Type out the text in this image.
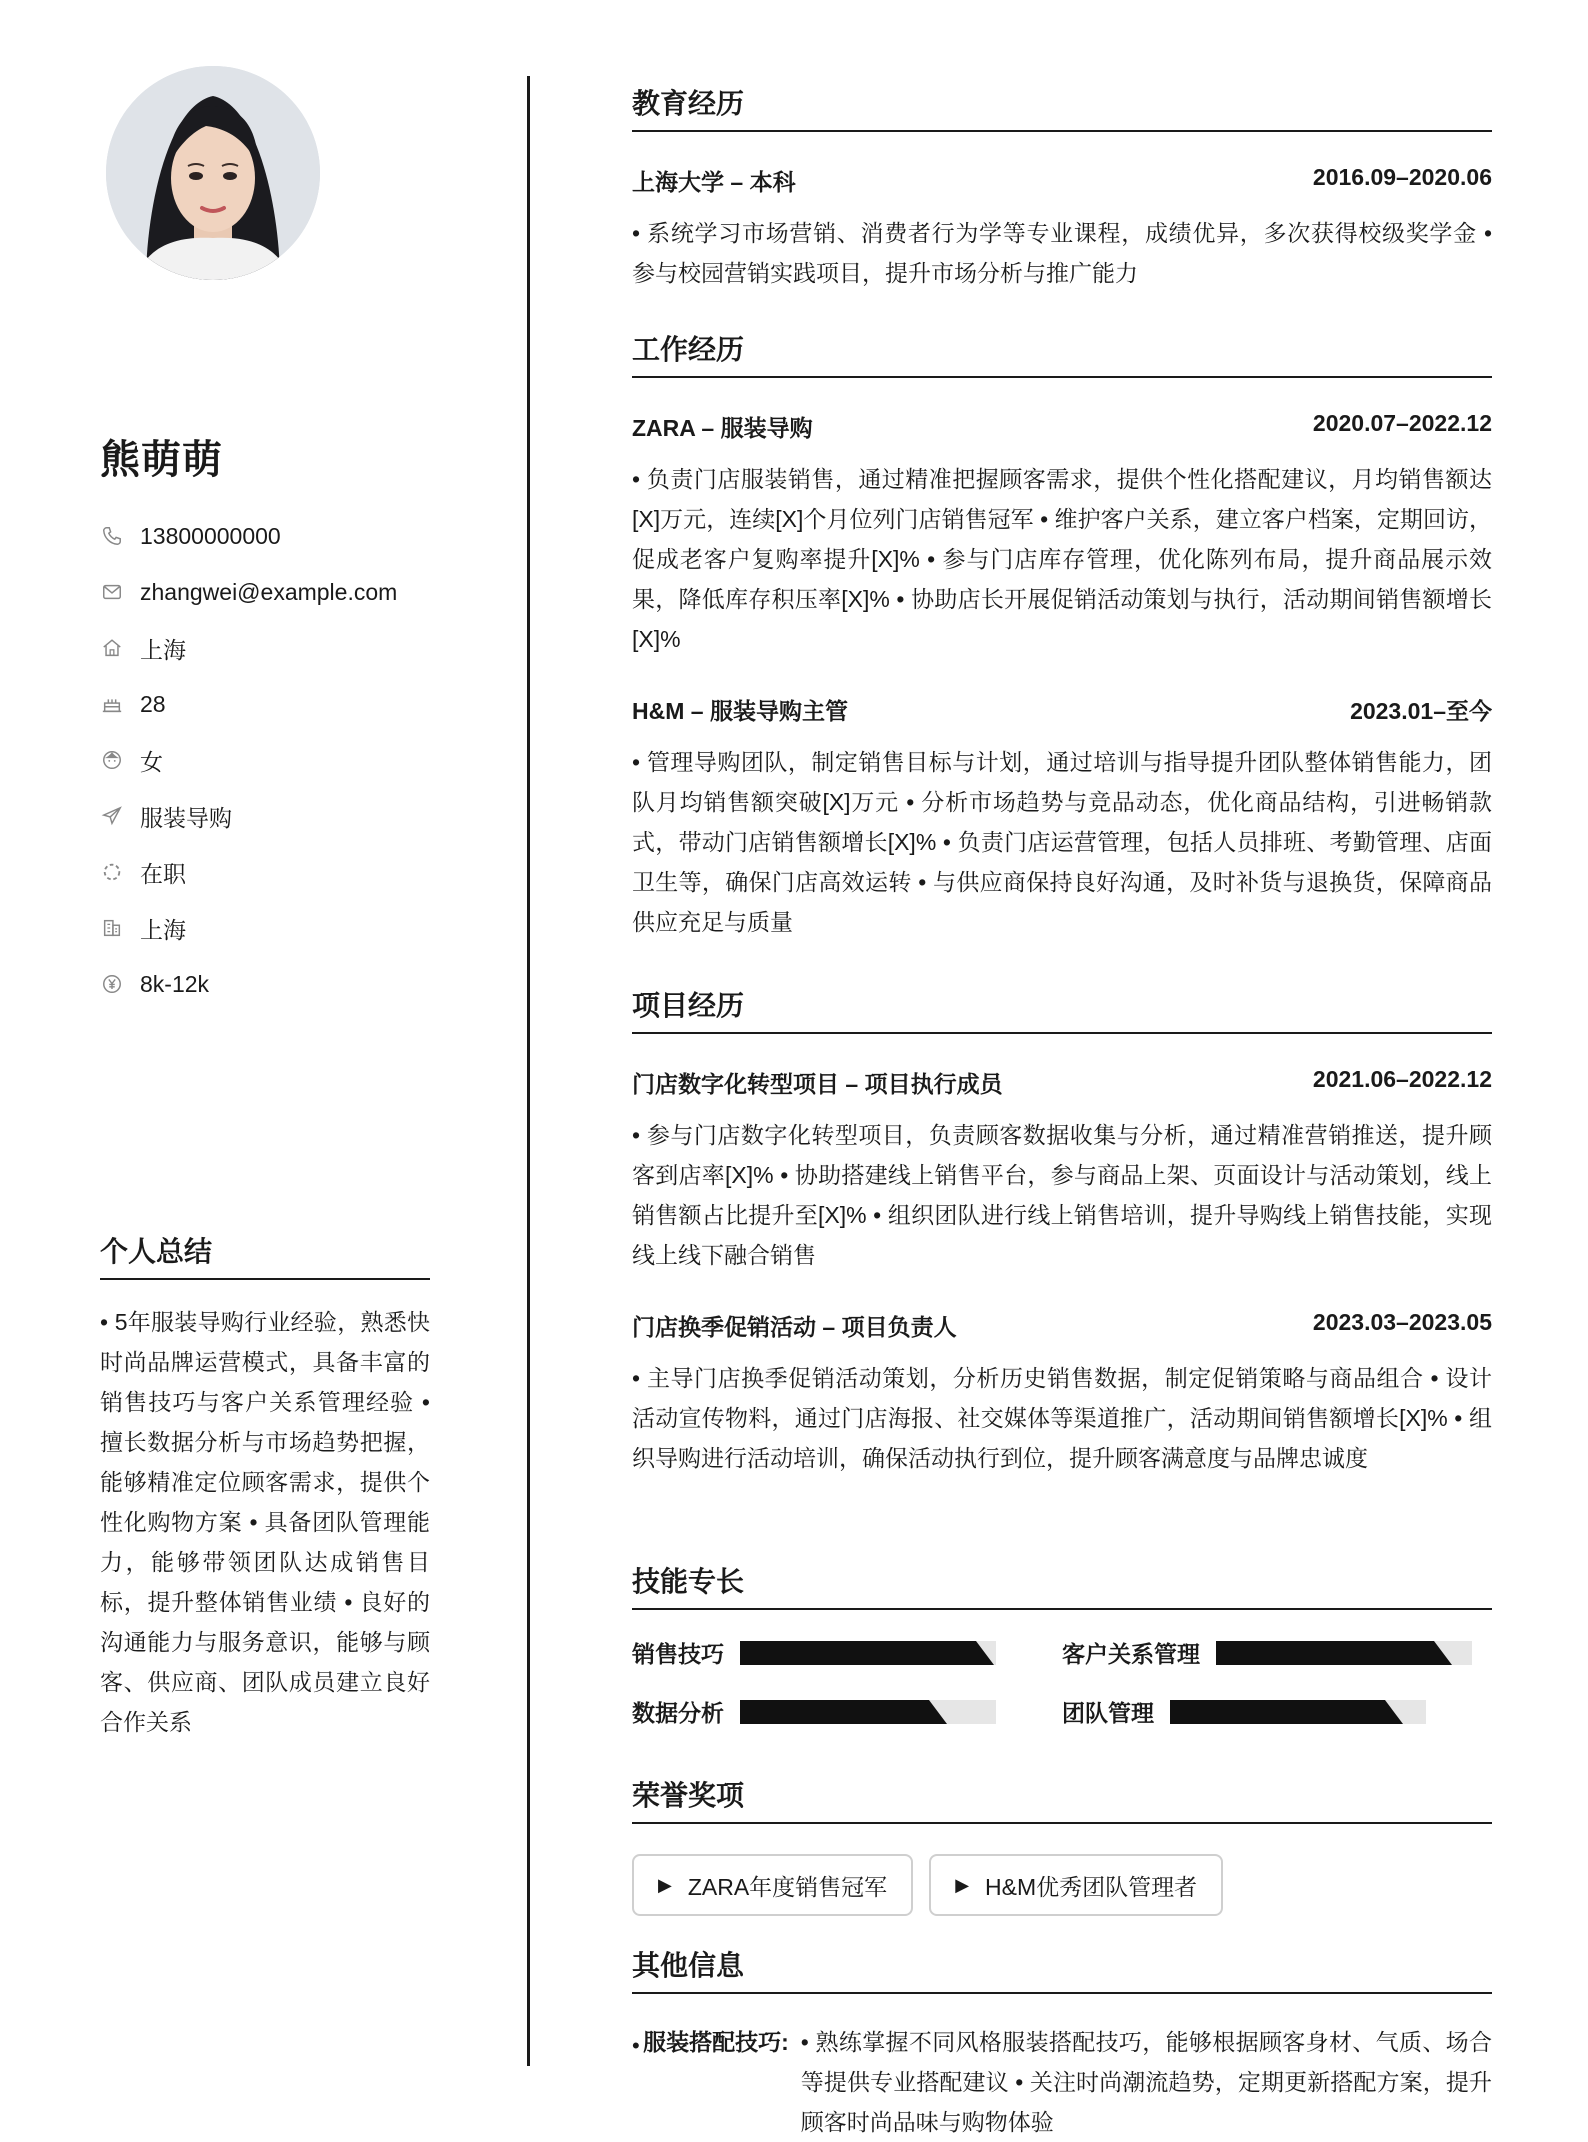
熊萌萌
13800000000
zhangwei@example.com
上海
28
女
服装导购
在职
上海
8k-12k
个人总结
• 5年服装导购行业经验，熟悉快时尚品牌运营模式，具备丰富的销售技巧与客户关系管理经验 • 擅长数据分析与市场趋势把握，能够精准定位顾客需求，提供个性化购物方案 • 具备团队管理能力，能够带领团队达成销售目标，提升整体销售业绩 • 良好的沟通能力与服务意识，能够与顾客、供应商、团队成员建立良好合作关系
教育经历
上海大学 – 本科	2016.09–2020.06
• 系统学习市场营销、消费者行为学等专业课程，成绩优异，多次获得校级奖学金 • 参与校园营销实践项目，提升市场分析与推广能力
工作经历
ZARA – 服装导购	2020.07–2022.12
• 负责门店服装销售，通过精准把握顾客需求，提供个性化搭配建议，月均销售额达[X]万元，连续[X]个月位列门店销售冠军 • 维护客户关系，建立客户档案，定期回访，促成老客户复购率提升[X]% • 参与门店库存管理，优化陈列布局，提升商品展示效果，降低库存积压率[X]% • 协助店长开展促销活动策划与执行，活动期间销售额增长[X]%
H&M – 服装导购主管	2023.01–至今
• 管理导购团队，制定销售目标与计划，通过培训与指导提升团队整体销售能力，团队月均销售额突破[X]万元 • 分析市场趋势与竞品动态，优化商品结构，引进畅销款式，带动门店销售额增长[X]% • 负责门店运营管理，包括人员排班、考勤管理、店面卫生等，确保门店高效运转 • 与供应商保持良好沟通，及时补货与退换货，保障商品供应充足与质量
项目经历
门店数字化转型项目 – 项目执行成员	2021.06–2022.12
• 参与门店数字化转型项目，负责顾客数据收集与分析，通过精准营销推送，提升顾客到店率[X]% • 协助搭建线上销售平台，参与商品上架、页面设计与活动策划，线上销售额占比提升至[X]% • 组织团队进行线上销售培训，提升导购线上销售技能，实现线上线下融合销售
门店换季促销活动 – 项目负责人	2023.03–2023.05
• 主导门店换季促销活动策划，分析历史销售数据，制定促销策略与商品组合 • 设计活动宣传物料，通过门店海报、社交媒体等渠道推广，活动期间销售额增长[X]% • 组织导购进行活动培训，确保活动执行到位，提升顾客满意度与品牌忠诚度
技能专长
销售技巧	客户关系管理
数据分析	团队管理
荣誉奖项
▶ ZARA年度销售冠军	▶ H&M优秀团队管理者
其他信息
• 服装搭配技巧: • 熟练掌握不同风格服装搭配技巧，能够根据顾客身材、气质、场合等提供专业搭配建议 • 关注时尚潮流趋势，定期更新搭配方案，提升顾客时尚品味与购物体验
